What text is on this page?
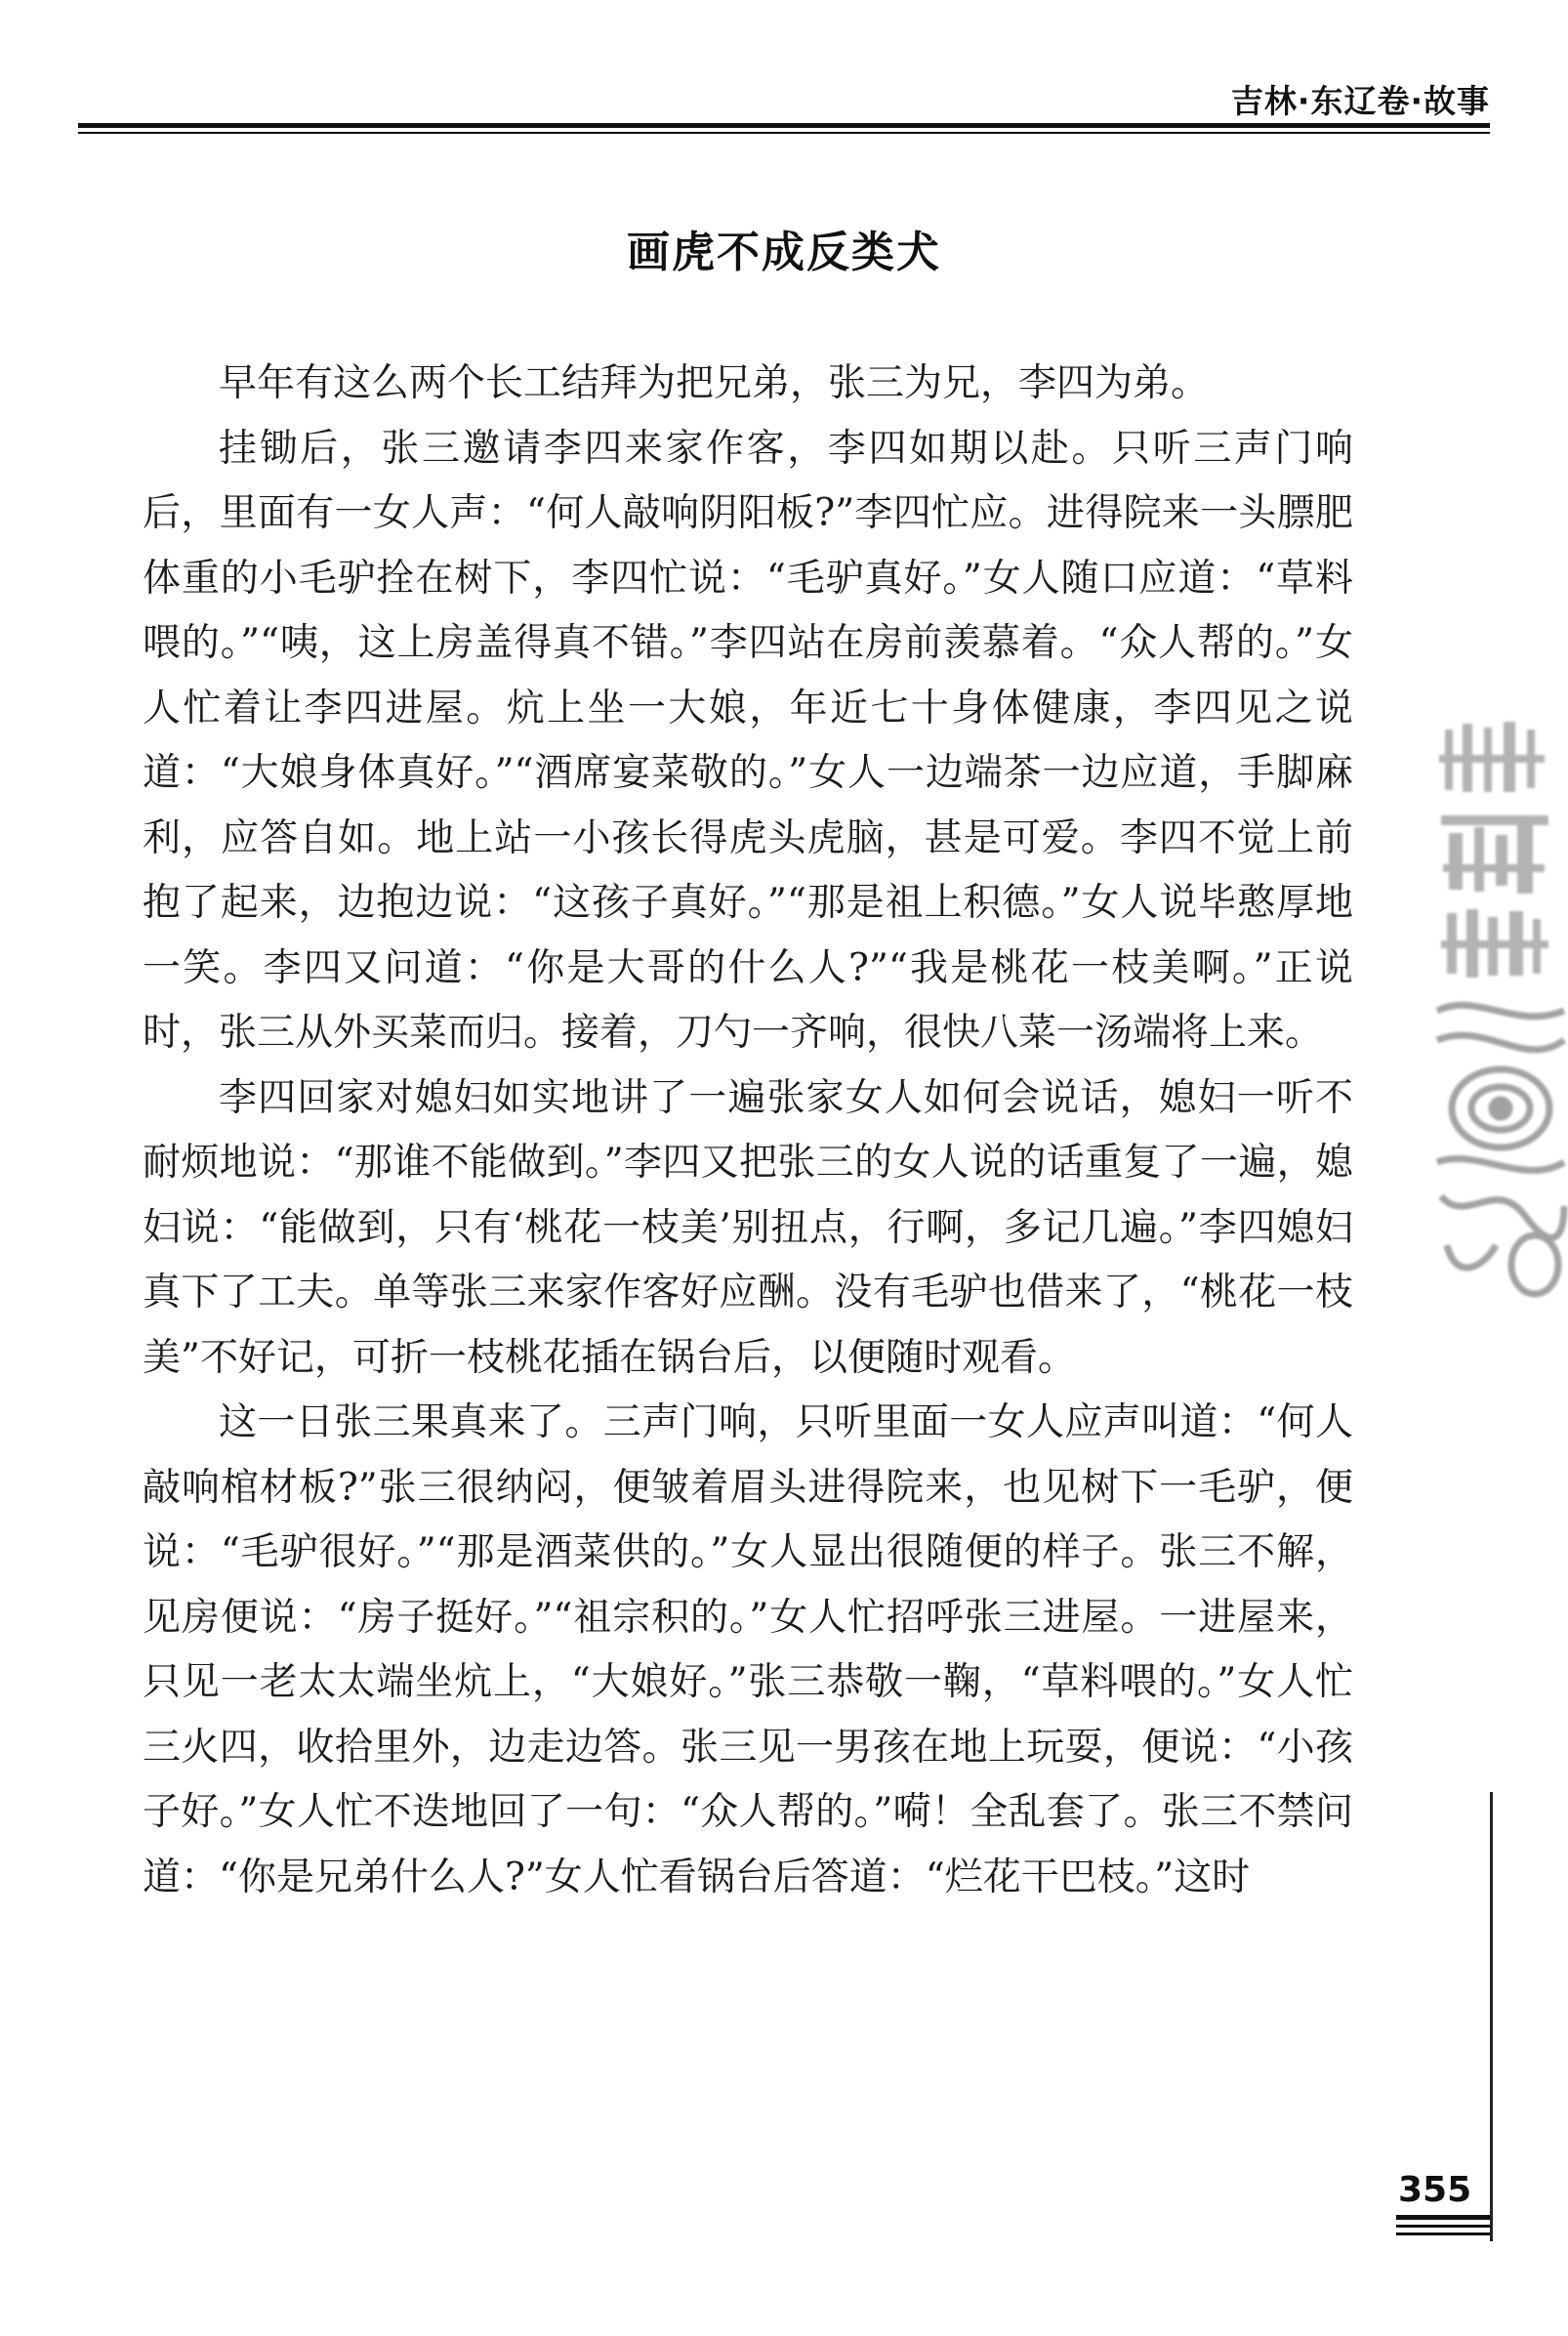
吉林·东辽卷·故事
画虎不成反类犬

早年有这么两个长工结拜为把兄弟，张三为兄，李四为弟。

挂锄后，张三邀请李四来家作客，李四如期以赴。只听三声门响后，里面有一女人声：“何人敲响阴阳板?”李四忙应。进得院来一头膘肥体重的小毛驴拴在树下，李四忙说：“毛驴真好。”女人随口应道：“草料喂的。”“咦，这上房盖得真不错。”李四站在房前羡慕着。“众人帮的。”女人忙着让李四进屋。炕上坐一大娘，年近七十身体健康，李四见之说道：“大娘身体真好。”“酒席宴菜敬的。”女人一边端茶一边应道，手脚麻利，应答自如。地上站一小孩长得虎头虎脑，甚是可爱。李四不觉上前抱了起来，边抱边说：“这孩子真好。”“那是祖上积德。”女人说毕憨厚地一笑。李四又问道：“你是大哥的什么人?”“我是桃花一枝美啊。”正说时，张三从外买菜而归。接着，刀勺一齐响，很快八菜一汤端将上来。

李四回家对媳妇如实地讲了一遍张家女人如何会说话，媳妇一听不耐烦地说：“那谁不能做到。”李四又把张三的女人说的话重复了一遍，媳妇说：“能做到，只有‘桃花一枝美’别扭点，行啊，多记几遍。”李四媳妇真下了工夫。单等张三来家作客好应酬。没有毛驴也借来了，“桃花一枝美”不好记，可折一枝桃花插在锅台后，以便随时观看。

这一日张三果真来了。三声门响，只听里面一女人应声叫道：“何人敲响棺材板?”张三很纳闷，便皱着眉头进得院来，也见树下一毛驴，便说：“毛驴很好。”“那是酒菜供的。”女人显出很随便的样子。张三不解，见房便说：“房子挺好。”“祖宗积的。”女人忙招呼张三进屋。一进屋来，只见一老太太端坐炕上，“大娘好。”张三恭敬一鞠，“草料喂的。”女人忙三火四，收拾里外，边走边答。张三见一男孩在地上玩耍，便说：“小孩子好。”女人忙不迭地回了一句：“众人帮的。”嗬！全乱套了。张三不禁问道：“你是兄弟什么人?”女人忙看锅台后答道：“烂花干巴枝。”这时

355
